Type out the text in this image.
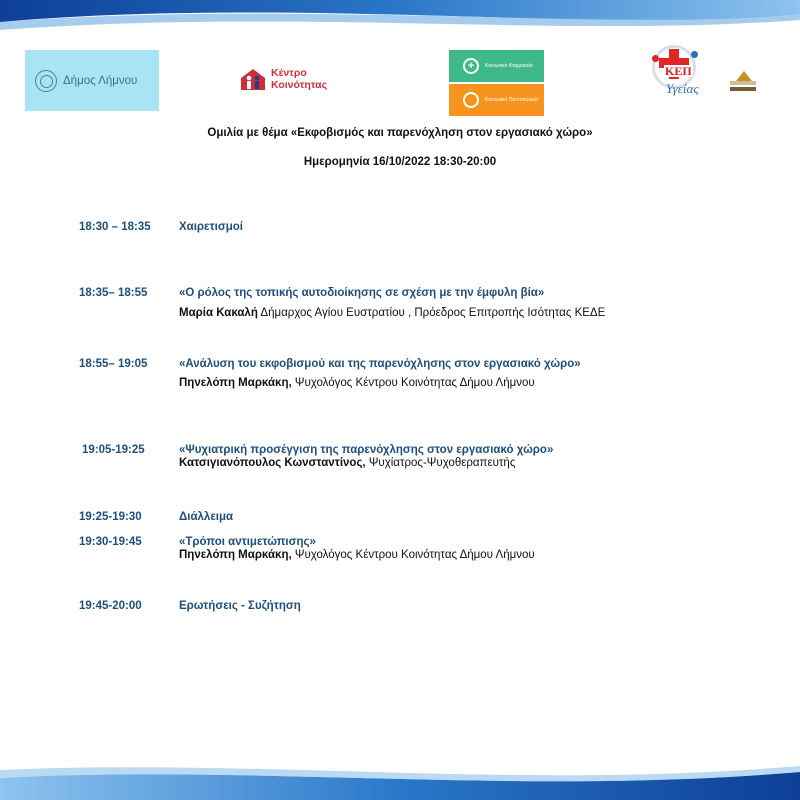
Δήμος Λήμνου
Κέντρο
Κοινότητας
+	Κοινωνικό Φαρμακείο
Κοινωνικό Παντοπωλείο
ΚΕΠ
Υγείας
Ομιλία με θέμα «Εκφοβισμός και παρενόχληση στον εργασιακό χώρο»
Ημερομηνία 16/10/2022 18:30-20:00
18:30 – 18:35 Χαιρετισμοί
18:35– 18:55	«Ο ρόλος της τοπικής αυτοδιοίκησης σε σχέση με την έμφυλη βία»
Μαρία Κακαλή Δήμαρχος Αγίου Ευστρατίου , Πρόεδρος Επιτροπής Ισότητας ΚΕΔΕ
18:55– 19:05	«Ανάλυση του εκφοβισμού και της παρενόχλησης στον εργασιακό χώρο»
Πηνελόπη Μαρκάκη, Ψυχολόγος Κέντρου Κοινότητας Δήμου Λήμνου
19:05-19:25	«Ψυχιατρική προσέγγιση της παρενόχλησης στον εργασιακό χώρο»
Κατσιγιανόπουλος Κωνσταντίνος, Ψυχίατρος-Ψυχοθεραπευτής
19:25-19:30	Διάλλειμα
19:30-19:45	«Τρόποι αντιμετώπισης»
Πηνελόπη Μαρκάκη, Ψυχολόγος Κέντρου Κοινότητας Δήμου Λήμνου
19:45-20:00	Ερωτήσεις - Συζήτηση
